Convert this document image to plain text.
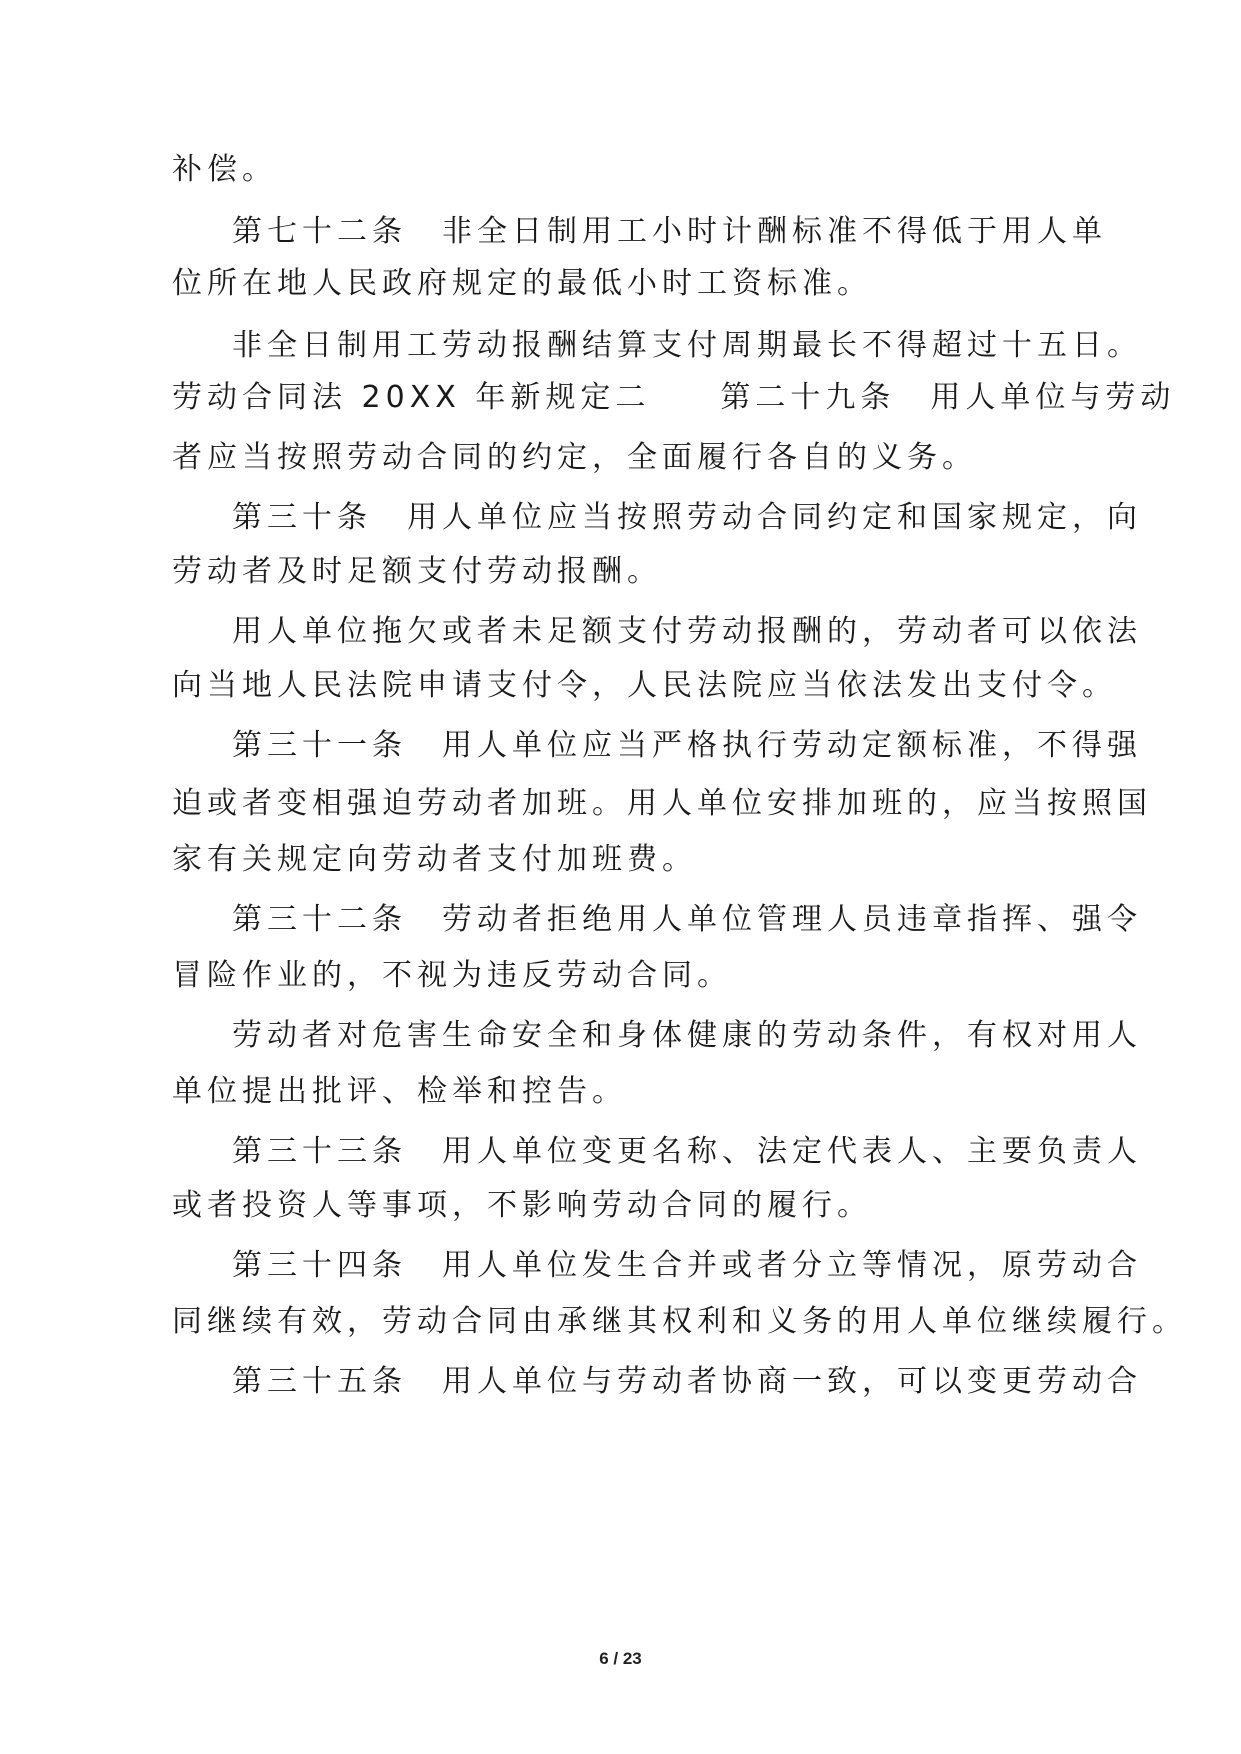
补偿。
第七十二条　非全日制用工小时计酬标准不得低于用人单
位所在地人民政府规定的最低小时工资标准。
非全日制用工劳动报酬结算支付周期最长不得超过十五日。
劳动合同法 20XX 年新规定二　　第二十九条　用人单位与劳动
者应当按照劳动合同的约定，全面履行各自的义务。
第三十条　用人单位应当按照劳动合同约定和国家规定，向
劳动者及时足额支付劳动报酬。
用人单位拖欠或者未足额支付劳动报酬的，劳动者可以依法
向当地人民法院申请支付令，人民法院应当依法发出支付令。
第三十一条　用人单位应当严格执行劳动定额标准，不得强
迫或者变相强迫劳动者加班。用人单位安排加班的，应当按照国
家有关规定向劳动者支付加班费。
第三十二条　劳动者拒绝用人单位管理人员违章指挥、强令
冒险作业的，不视为违反劳动合同。
劳动者对危害生命安全和身体健康的劳动条件，有权对用人
单位提出批评、检举和控告。
第三十三条　用人单位变更名称、法定代表人、主要负责人
或者投资人等事项，不影响劳动合同的履行。
第三十四条　用人单位发生合并或者分立等情况，原劳动合
同继续有效，劳动合同由承继其权利和义务的用人单位继续履行。
第三十五条　用人单位与劳动者协商一致，可以变更劳动合
6 / 23
